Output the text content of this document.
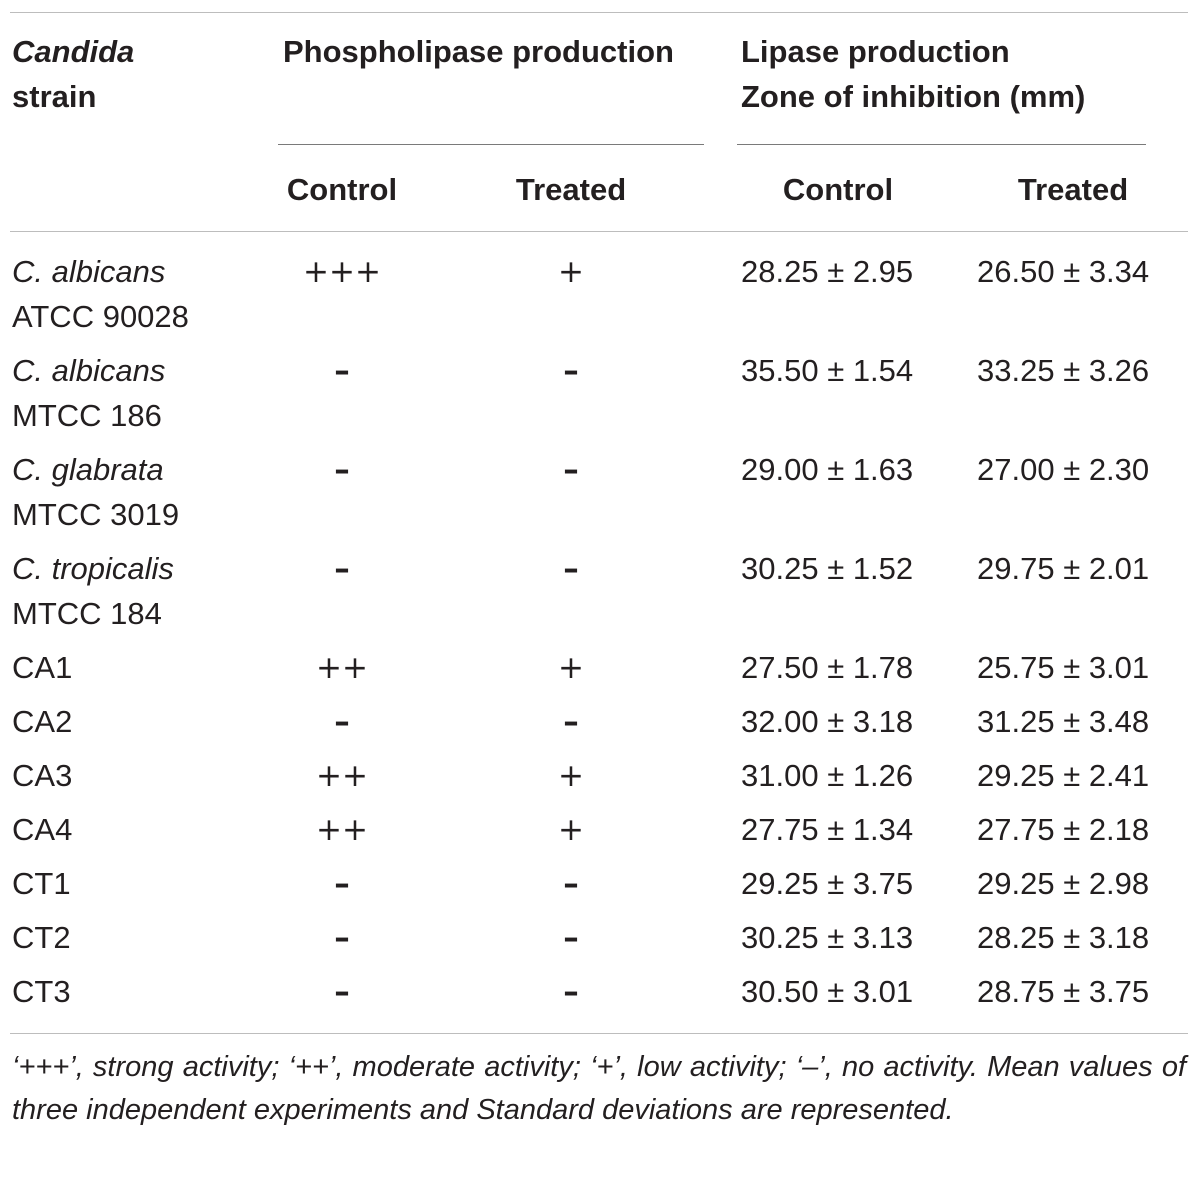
Candida
strain
Phospholipase production Lipase production
Zone of inhibition (mm)
Control	Treated	Control	Treated
C. albicans
ATCC 90028
+++	+	28.25 ± 2.95 26.50 ± 3.34
C. albicans
MTCC 186
–	–	35.50 ± 1.54 33.25 ± 3.26
C. glabrata
MTCC 3019
–	–	29.00 ± 1.63 27.00 ± 2.30
C. tropicalis
MTCC 184
–	–	30.25 ± 1.52 29.75 ± 2.01
CA1	++	+	27.50 ± 1.78 25.75 ± 3.01
CA2	–	–	32.00 ± 3.18 31.25 ± 3.48
CA3	++	+	31.00 ± 1.26 29.25 ± 2.41
CA4	++	+	27.75 ± 1.34 27.75 ± 2.18
CT1	–	–	29.25 ± 3.75 29.25 ± 2.98
CT2	–	–	30.25 ± 3.13 28.25 ± 3.18
CT3	–	–	30.50 ± 3.01 28.75 ± 3.75
‘+++’, strong activity; ‘++’, moderate activity; ‘+’, low activity; ‘–’, no activity. Mean values of three independent experiments and Standard deviations are represented.
